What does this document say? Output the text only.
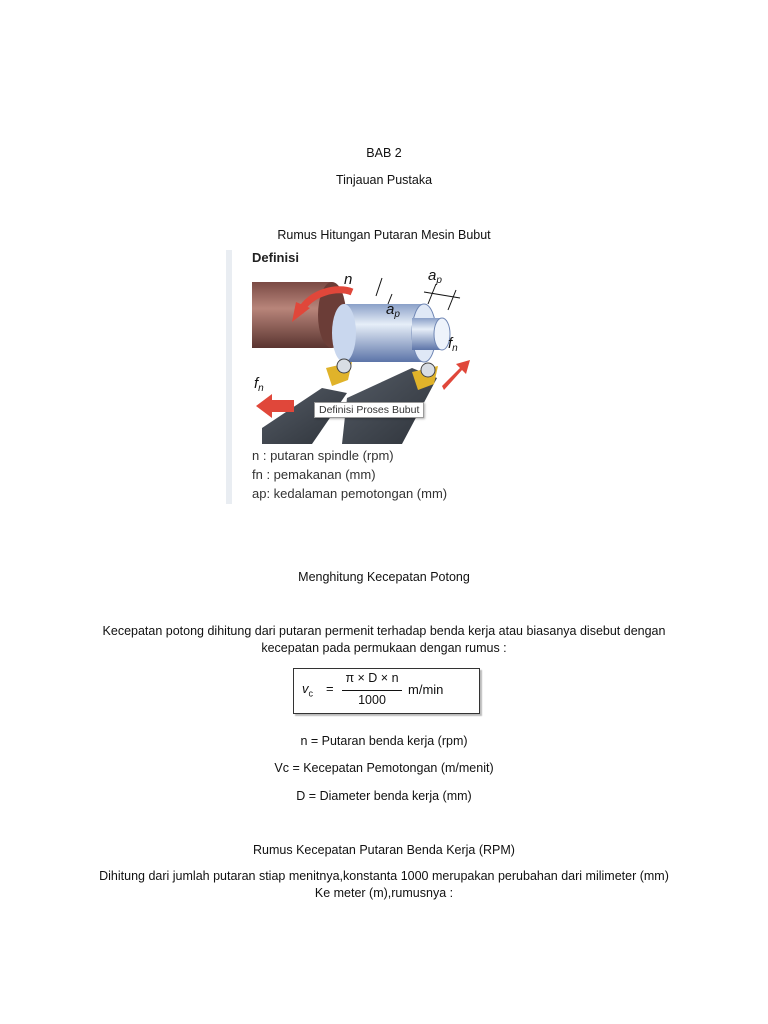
BAB 2
Tinjauan Pustaka
Rumus Hitungan Putaran Mesin Bubut
Definisi
n
$a_p$
$a_p$
$f_n$
$f_n$
Definisi Proses Bubut
n : putaran spindle (rpm)
fn : pemakanan (mm)
ap: kedalaman pemotongan (mm)
Menghitung Kecepatan Potong
Kecepatan potong dihitung dari putaran permenit terhadap benda kerja atau biasanya disebut dengan kecepatan pada permukaan dengan rumus :
$v_c$ =
π × D × n
1000
m/min
n = Putaran benda kerja (rpm)
Vc = Kecepatan Pemotongan (m/menit)
D = Diameter benda kerja (mm)
Rumus Kecepatan Putaran Benda Kerja (RPM)
Dihitung dari jumlah putaran stiap menitnya,konstanta 1000 merupakan perubahan dari milimeter (mm) Ke meter (m),rumusnya :
